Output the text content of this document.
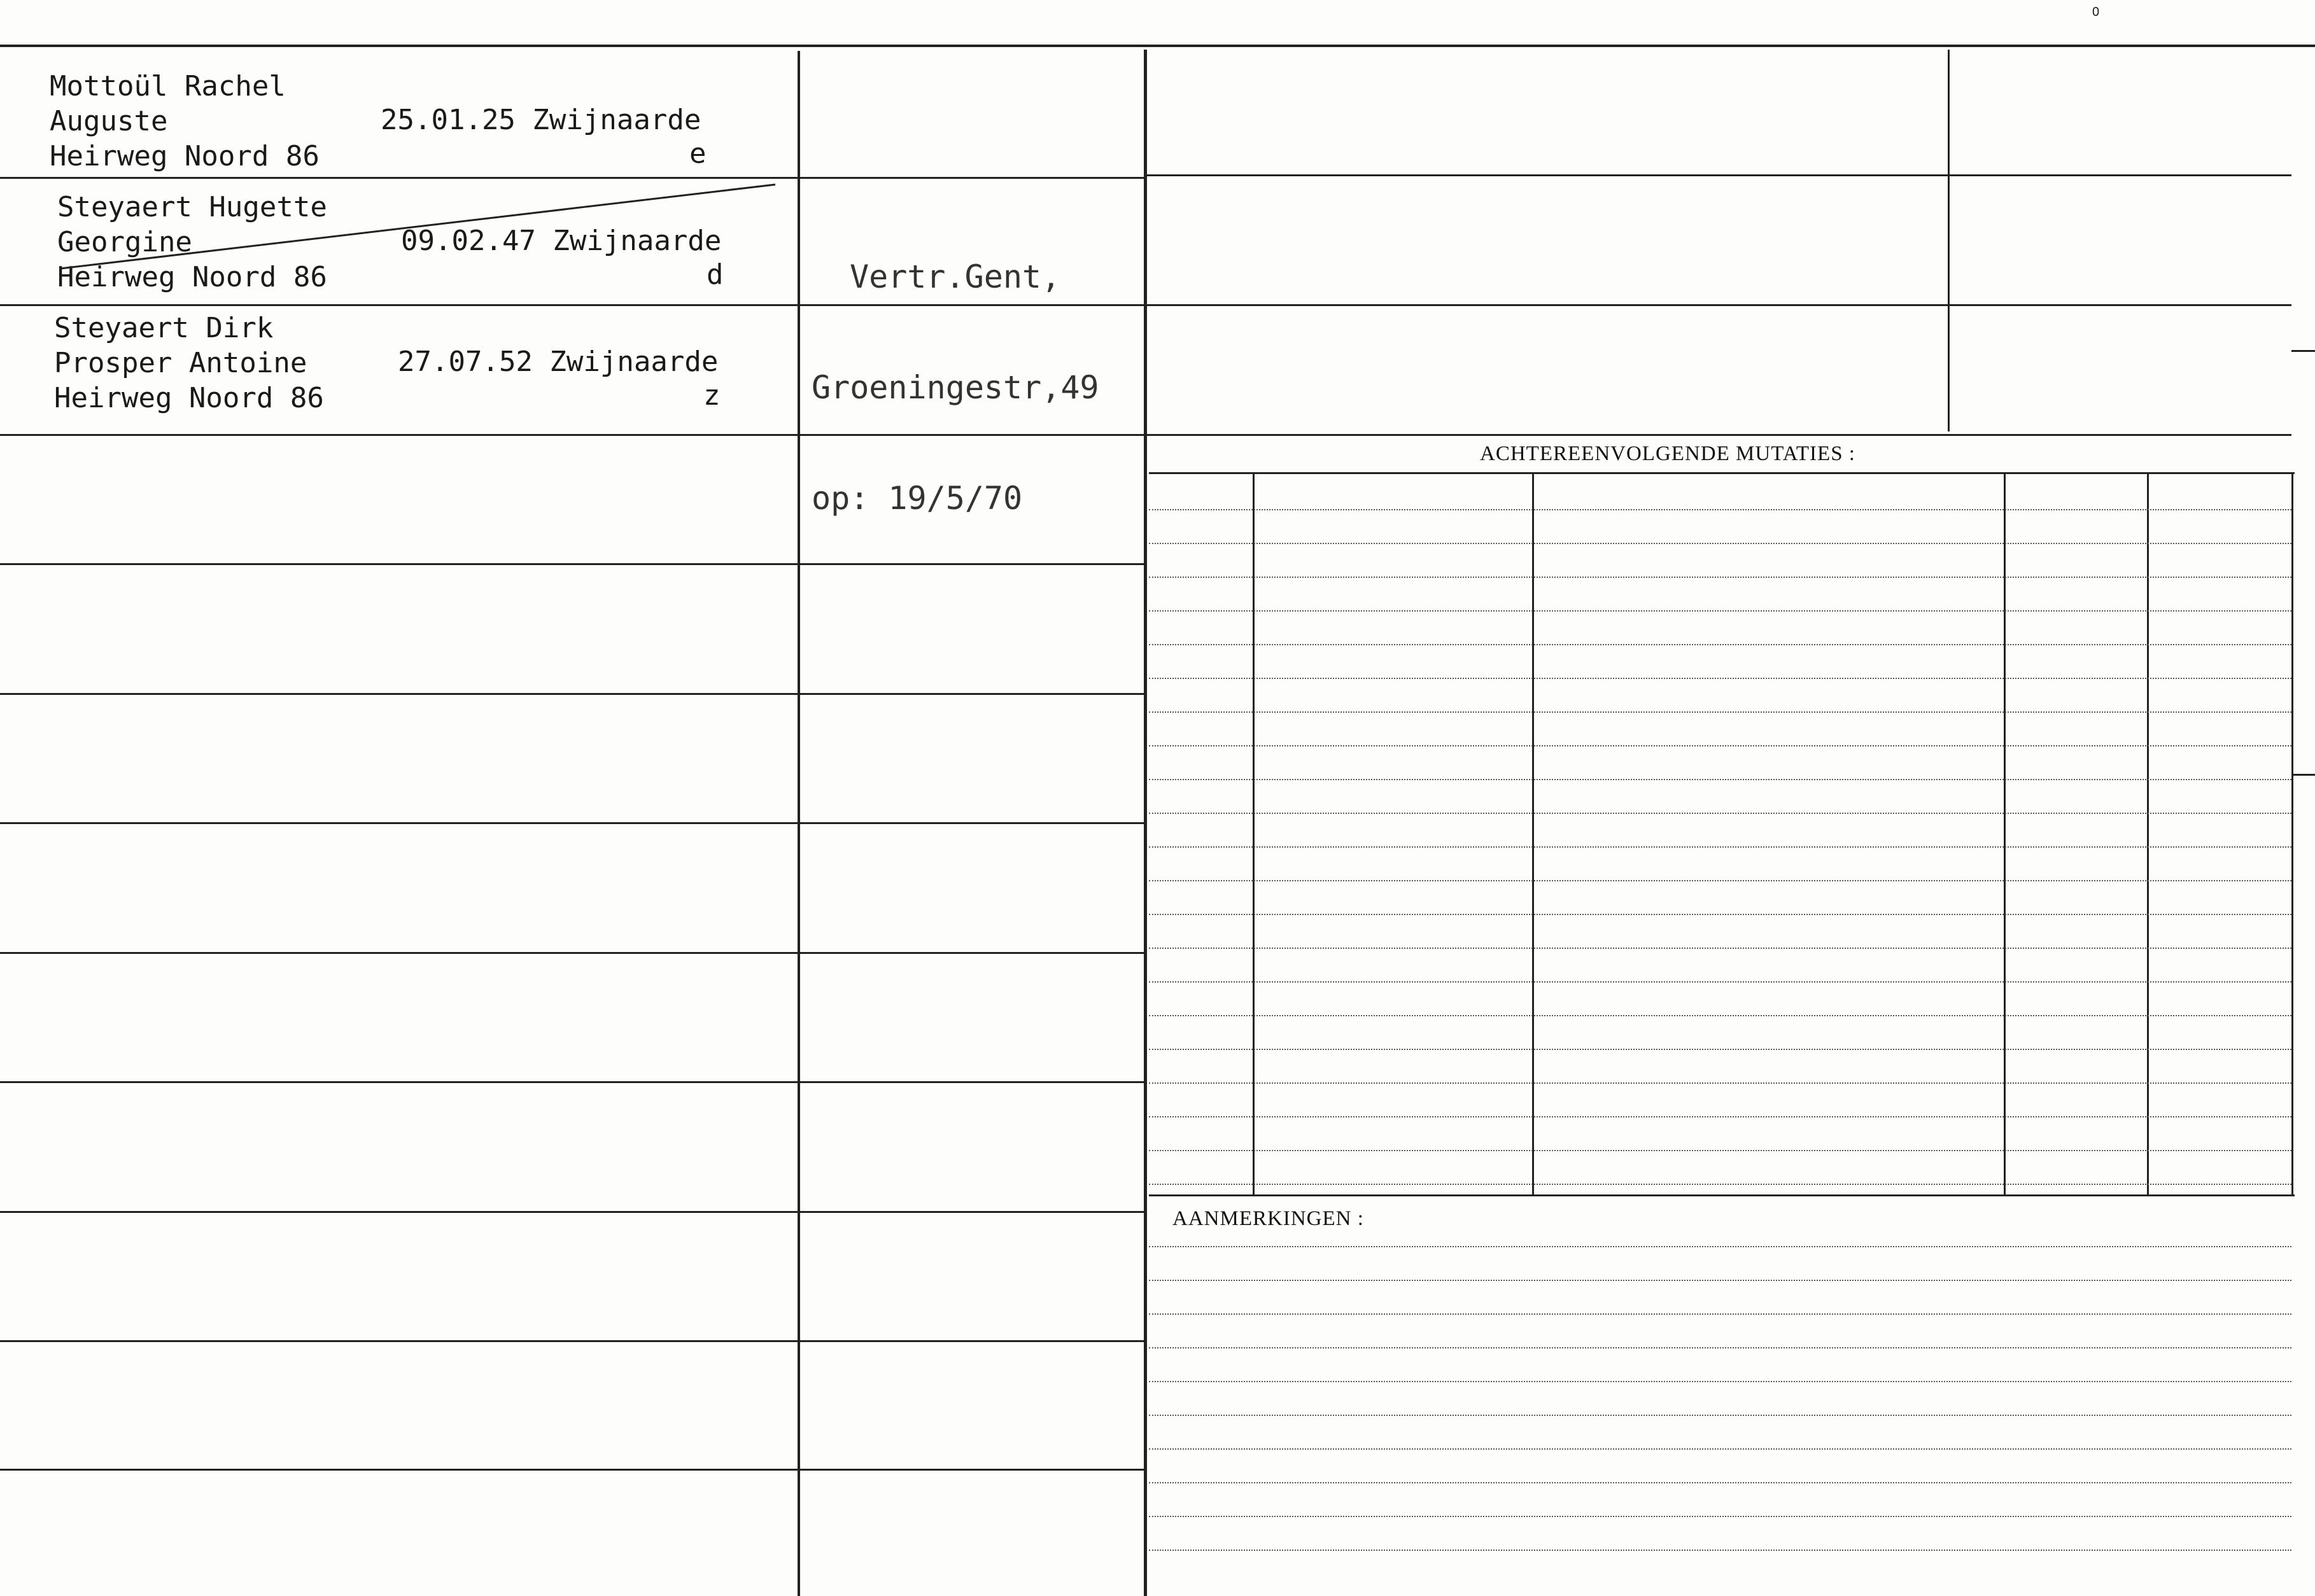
0

Mottoül Rachel
Auguste
Heirweg Noord 86

25.01.25 Zwijnaarde

e

Steyaert Hugette
Georgine
Heirweg Noord 86

09.02.47 Zwijnaarde

d

Steyaert Dirk
Prosper Antoine
Heirweg Noord 86

27.07.52 Zwijnaarde

z

Vertr.Gent,

Groeningestr,49

op: 19/5/70

ACHTEREENVOLGENDE MUTATIES :
AANMERKINGEN :
